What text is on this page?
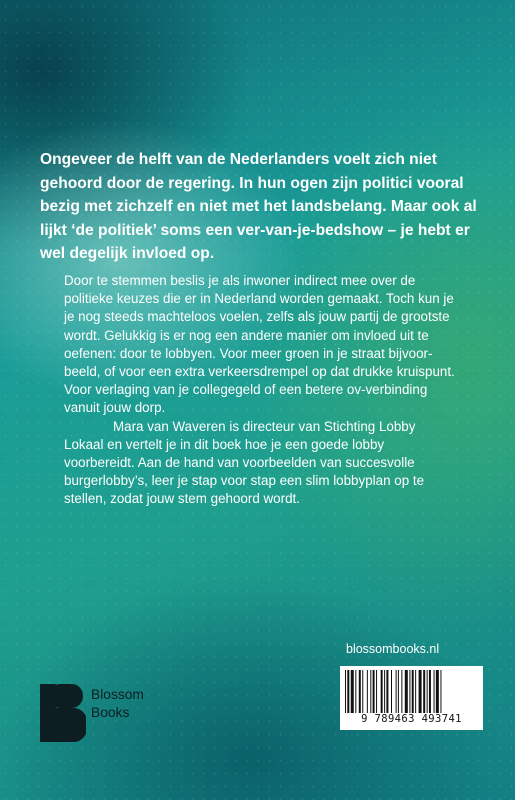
Ongeveer de helft van de Nederlanders voelt zich niet gehoord door de regering. In hun ogen zijn politici vooral bezig met zichzelf en niet met het landsbelang. Maar ook al lijkt ‘de politiek’ soms een ver-van-je-bedshow – je hebt er wel degelijk invloed op.

Door te stemmen beslis je als inwoner indirect mee over de politieke keuzes die er in Nederland worden gemaakt. Toch kun je je nog steeds machteloos voelen, zelfs als jouw partij de grootste wordt. Gelukkig is er nog een andere manier om invloed uit te oefenen: door te lobbyen. Voor meer groen in je straat bijvoorbeeld, of voor een extra verkeersdrempel op dat drukke kruispunt. Voor verlaging van je collegegeld of een betere ov-verbinding vanuit jouw dorp.

Mara van Waveren is directeur van Stichting Lobby Lokaal en vertelt je in dit boek hoe je een goede lobby voorbereidt. Aan de hand van voorbeelden van succesvolle burgerlobby’s, leer je stap voor stap een slim lobbyplan op te stellen, zodat jouw stem gehoord wordt.

blossombooks.nl
9 789463 493741
Blossom
Books
